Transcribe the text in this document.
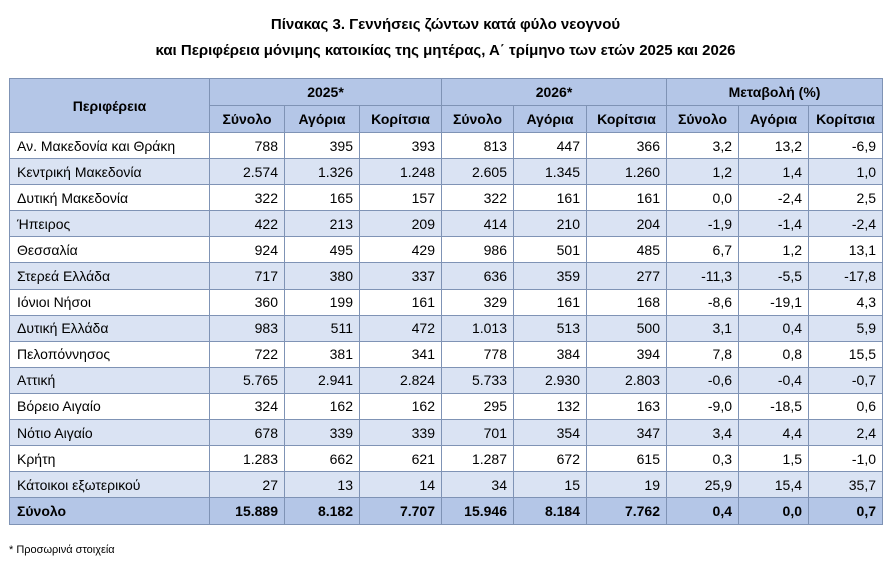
Πίνακας 3. Γεννήσεις ζώντων κατά φύλο νεογνού
και Περιφέρεια μόνιμης κατοικίας της μητέρας, Α΄ τρίμηνο των ετών 2025 και 2026
Περιφέρεια	2025*			2026*			Μεταβολή (%)		
	Σύνολο	Αγόρια	Κορίτσια	Σύνολο	Αγόρια	Κορίτσια	Σύνολο	Αγόρια	Κορίτσια
Αν. Μακεδονία και Θράκη	788	395	393	813	447	366	3,2	13,2	-6,9
Κεντρική Μακεδονία	2.574	1.326	1.248	2.605	1.345	1.260	1,2	1,4	1,0
Δυτική Μακεδονία	322	165	157	322	161	161	0,0	-2,4	2,5
Ήπειρος	422	213	209	414	210	204	-1,9	-1,4	-2,4
Θεσσαλία	924	495	429	986	501	485	6,7	1,2	13,1
Στερεά Ελλάδα	717	380	337	636	359	277	-11,3	-5,5	-17,8
Ιόνιοι Νήσοι	360	199	161	329	161	168	-8,6	-19,1	4,3
Δυτική Ελλάδα	983	511	472	1.013	513	500	3,1	0,4	5,9
Πελοπόννησος	722	381	341	778	384	394	7,8	0,8	15,5
Αττική	5.765	2.941	2.824	5.733	2.930	2.803	-0,6	-0,4	-0,7
Βόρειο Αιγαίο	324	162	162	295	132	163	-9,0	-18,5	0,6
Νότιο Αιγαίο	678	339	339	701	354	347	3,4	4,4	2,4
Κρήτη	1.283	662	621	1.287	672	615	0,3	1,5	-1,0
Κάτοικοι εξωτερικού	27	13	14	34	15	19	25,9	15,4	35,7
Σύνολο	15.889	8.182	7.707	15.946	8.184	7.762	0,4	0,0	0,7
* Προσωρινά στοιχεία
